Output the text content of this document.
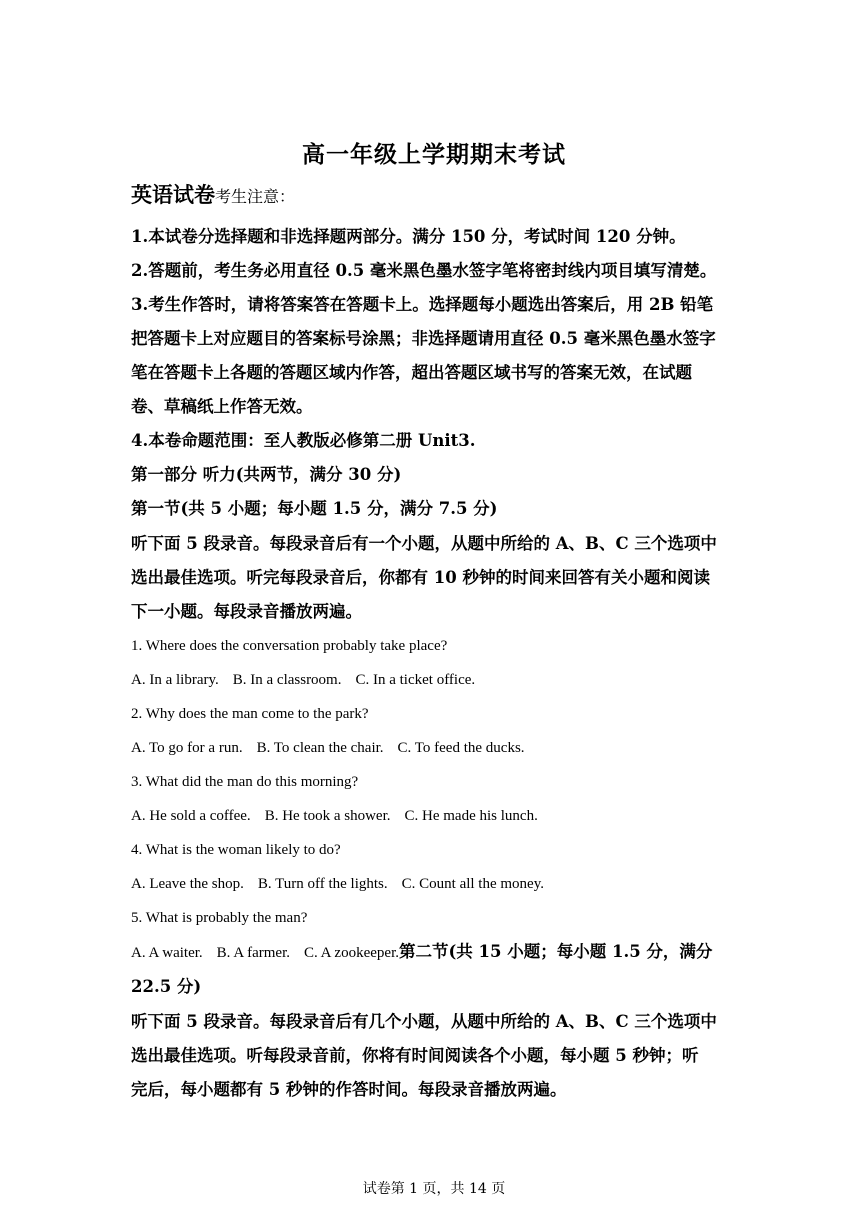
高一年级上学期期末考试
英语试卷考生注意：
1.本试卷分选择题和非选择题两部分。满分 150 分，考试时间 120 分钟。
2.答题前，考生务必用直径 0.5 毫米黑色墨水签字笔将密封线内项目填写清楚。
3.考生作答时，请将答案答在答题卡上。选择题每小题选出答案后，用 2B 铅笔
把答题卡上对应题目的答案标号涂黑；非选择题请用直径 0.5 毫米黑色墨水签字
笔在答题卡上各题的答题区域内作答，超出答题区域书写的答案无效，在试题
卷、草稿纸上作答无效。
4.本卷命题范围：至人教版必修第二册 Unit3.
第一部分 听力(共两节，满分 30 分)
第一节(共 5 小题；每小题 1.5 分，满分 7.5 分)
听下面 5 段录音。每段录音后有一个小题，从题中所给的 A、B、C 三个选项中
选出最佳选项。听完每段录音后，你都有 10 秒钟的时间来回答有关小题和阅读
下一小题。每段录音播放两遍。
1. Where does the conversation probably take place?
A. In a library. B. In a classroom. C. In a ticket office.
2. Why does the man come to the park?
A. To go for a run. B. To clean the chair. C. To feed the ducks.
3. What did the man do this morning?
A. He sold a coffee. B. He took a shower. C. He made his lunch.
4. What is the woman likely to do?
A. Leave the shop. B. Turn off the lights. C. Count all the money.
5. What is probably the man?
A. A waiter. B. A farmer. C. A zookeeper.第二节(共 15 小题；每小题 1.5 分，满分
22.5 分)
听下面 5 段录音。每段录音后有几个小题，从题中所给的 A、B、C 三个选项中
选出最佳选项。听每段录音前，你将有时间阅读各个小题，每小题 5 秒钟；听
完后，每小题都有 5 秒钟的作答时间。每段录音播放两遍。
试卷第 1 页，共 14 页
